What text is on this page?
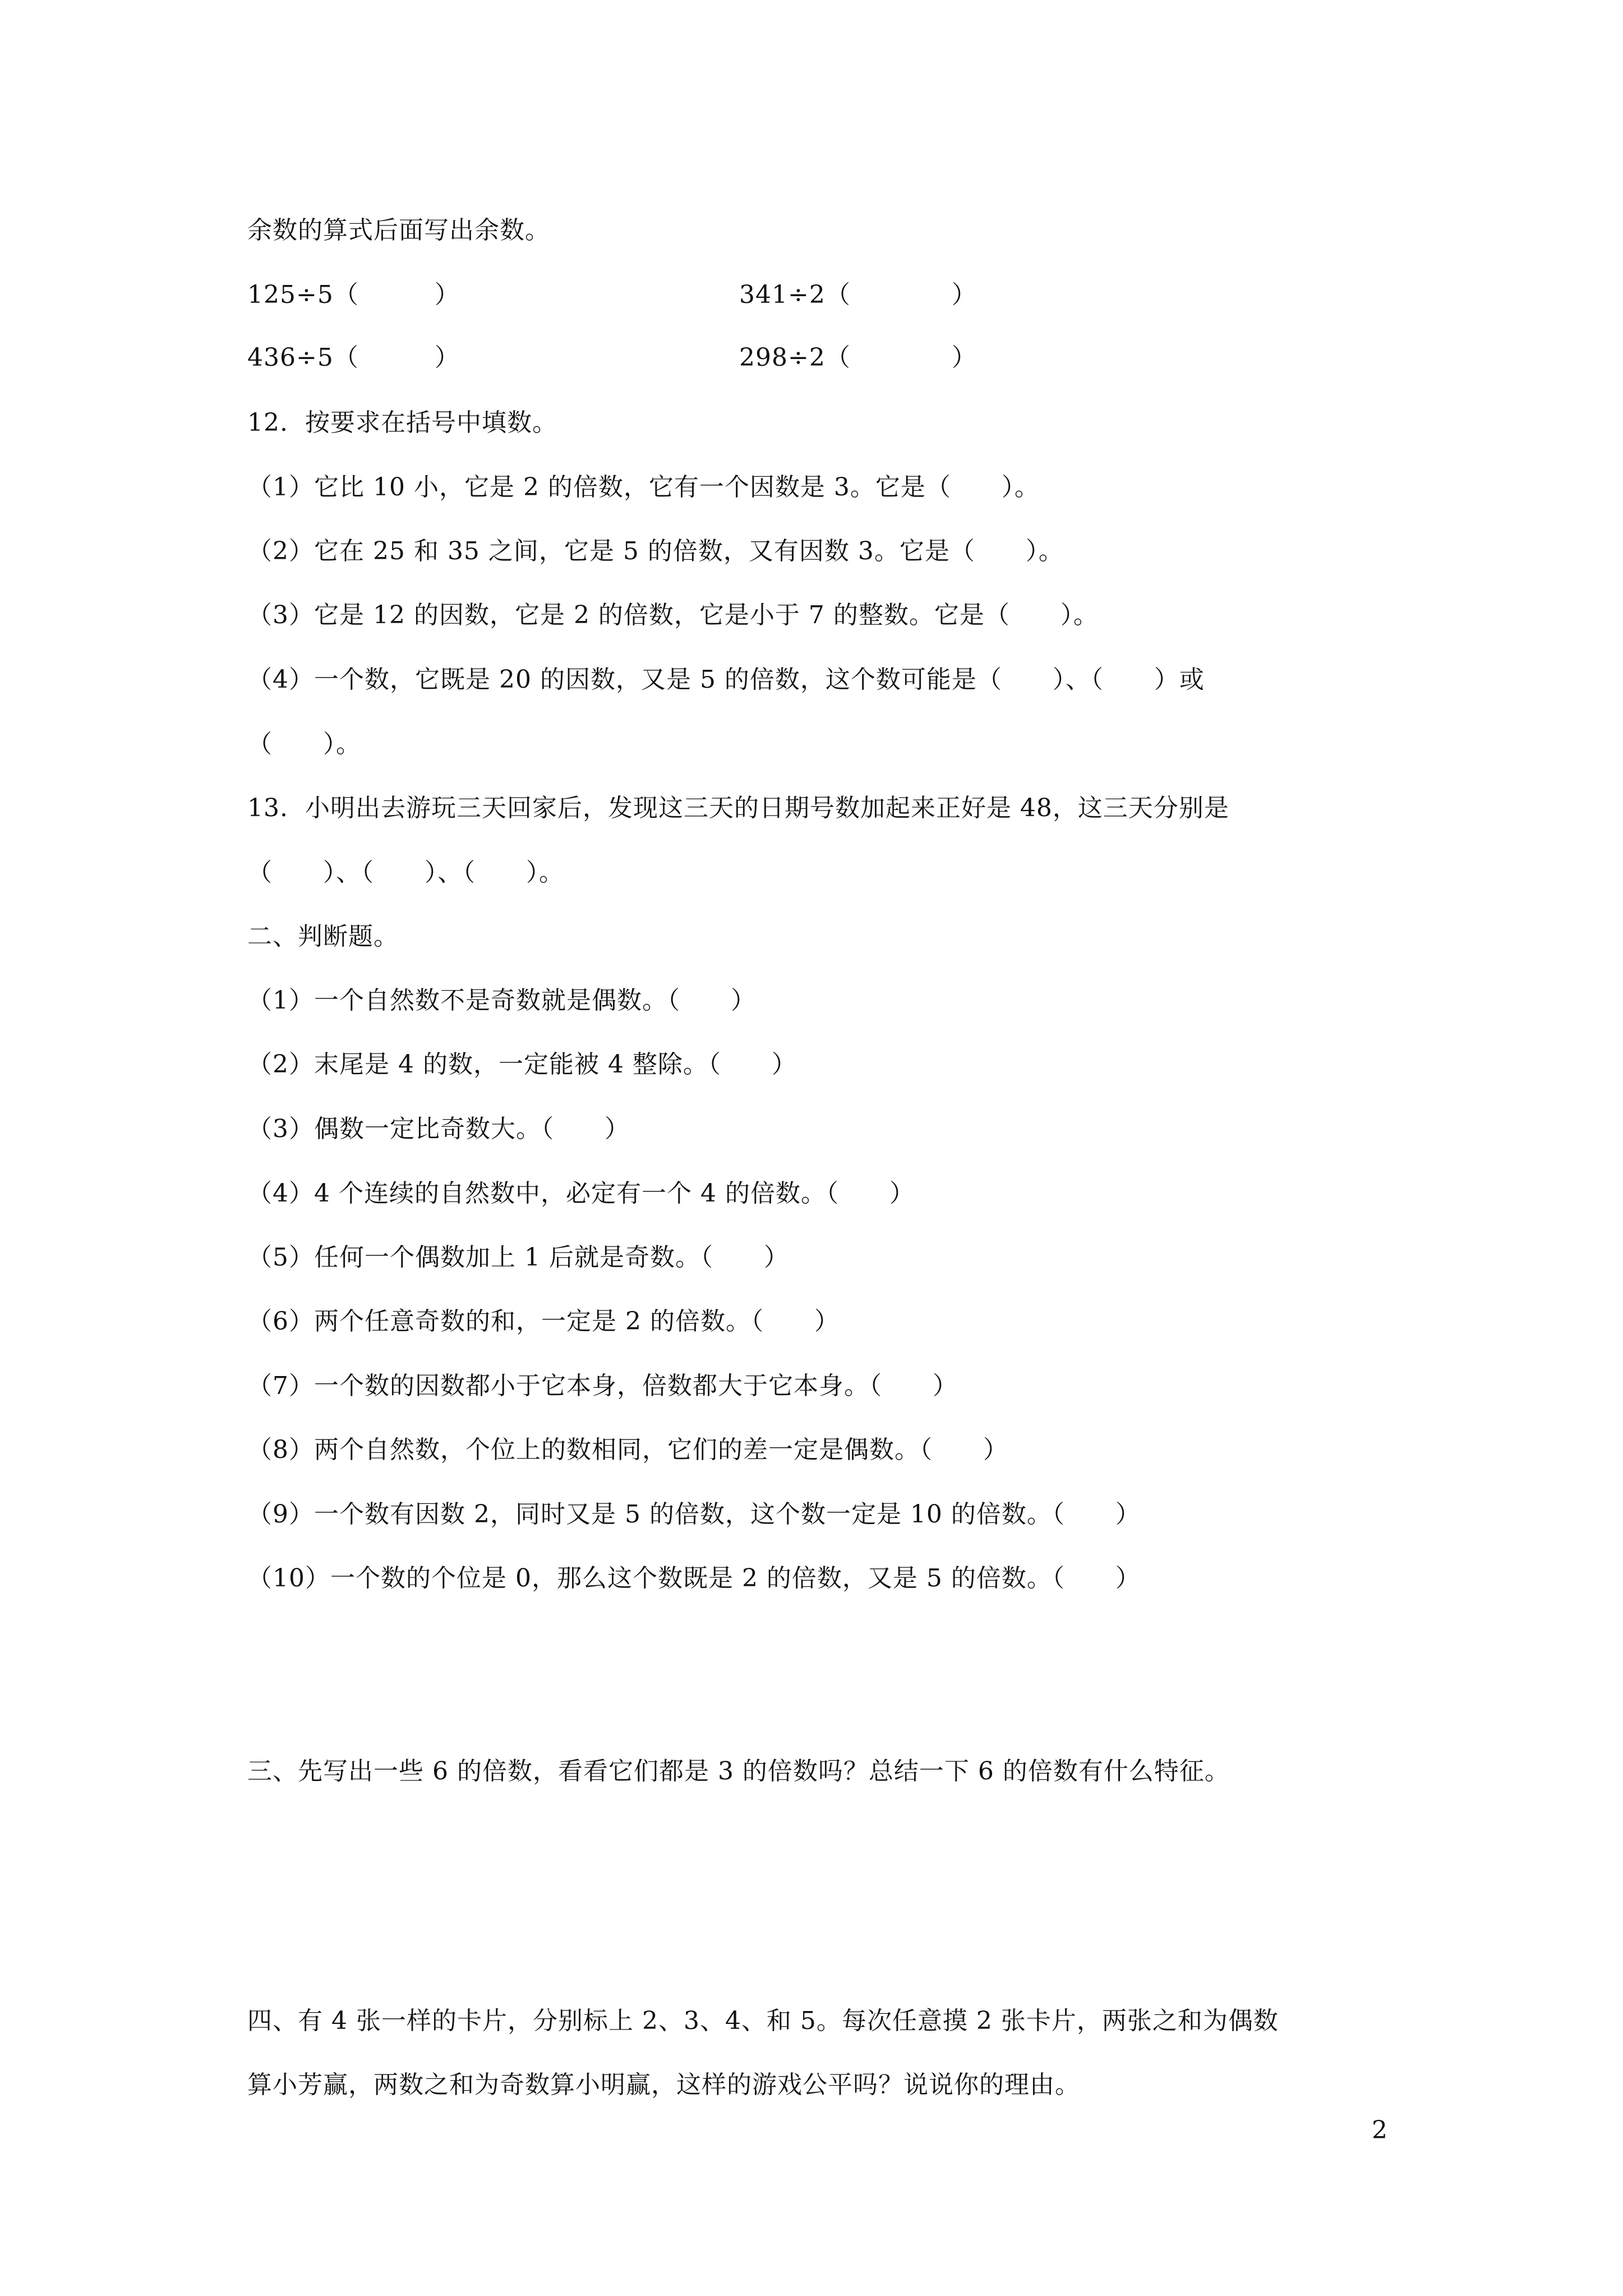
余数的算式后面写出余数。
125÷5（　　　）	341÷2（　　　　）
436÷5（　　　）	298÷2（　　　　）
12.  按要求在括号中填数。
（1）它比 10 小，它是 2 的倍数，它有一个因数是 3。它是（　　）。
（2）它在 25 和 35 之间，它是 5 的倍数，又有因数 3。它是（　　）。
（3）它是 12 的因数，它是 2 的倍数，它是小于 7 的整数。它是（　　）。
（4）一个数，它既是 20 的因数，又是 5 的倍数，这个数可能是（　　）、（　　）或
（　　）。
13.  小明出去游玩三天回家后，发现这三天的日期号数加起来正好是 48，这三天分别是
（　　）、（　　）、（　　）。
二、判断题。
（1）一个自然数不是奇数就是偶数。（　　）
（2）末尾是 4 的数，一定能被 4 整除。（　　）
（3）偶数一定比奇数大。（　　）
（4）4 个连续的自然数中，必定有一个 4 的倍数。（　　）
（5）任何一个偶数加上 1 后就是奇数。（　　）
（6）两个任意奇数的和，一定是 2 的倍数。（　　）
（7）一个数的因数都小于它本身，倍数都大于它本身。（　　）
（8）两个自然数，个位上的数相同，它们的差一定是偶数。（　　）
（9）一个数有因数 2，同时又是 5 的倍数，这个数一定是 10 的倍数。（　　）
（10）一个数的个位是 0，那么这个数既是 2 的倍数，又是 5 的倍数。（　　）
三、先写出一些 6 的倍数，看看它们都是 3 的倍数吗？总结一下 6 的倍数有什么特征。
四、有 4 张一样的卡片，分别标上 2、3、4、和 5。每次任意摸 2 张卡片，两张之和为偶数
算小芳赢，两数之和为奇数算小明赢，这样的游戏公平吗？说说你的理由。
2
